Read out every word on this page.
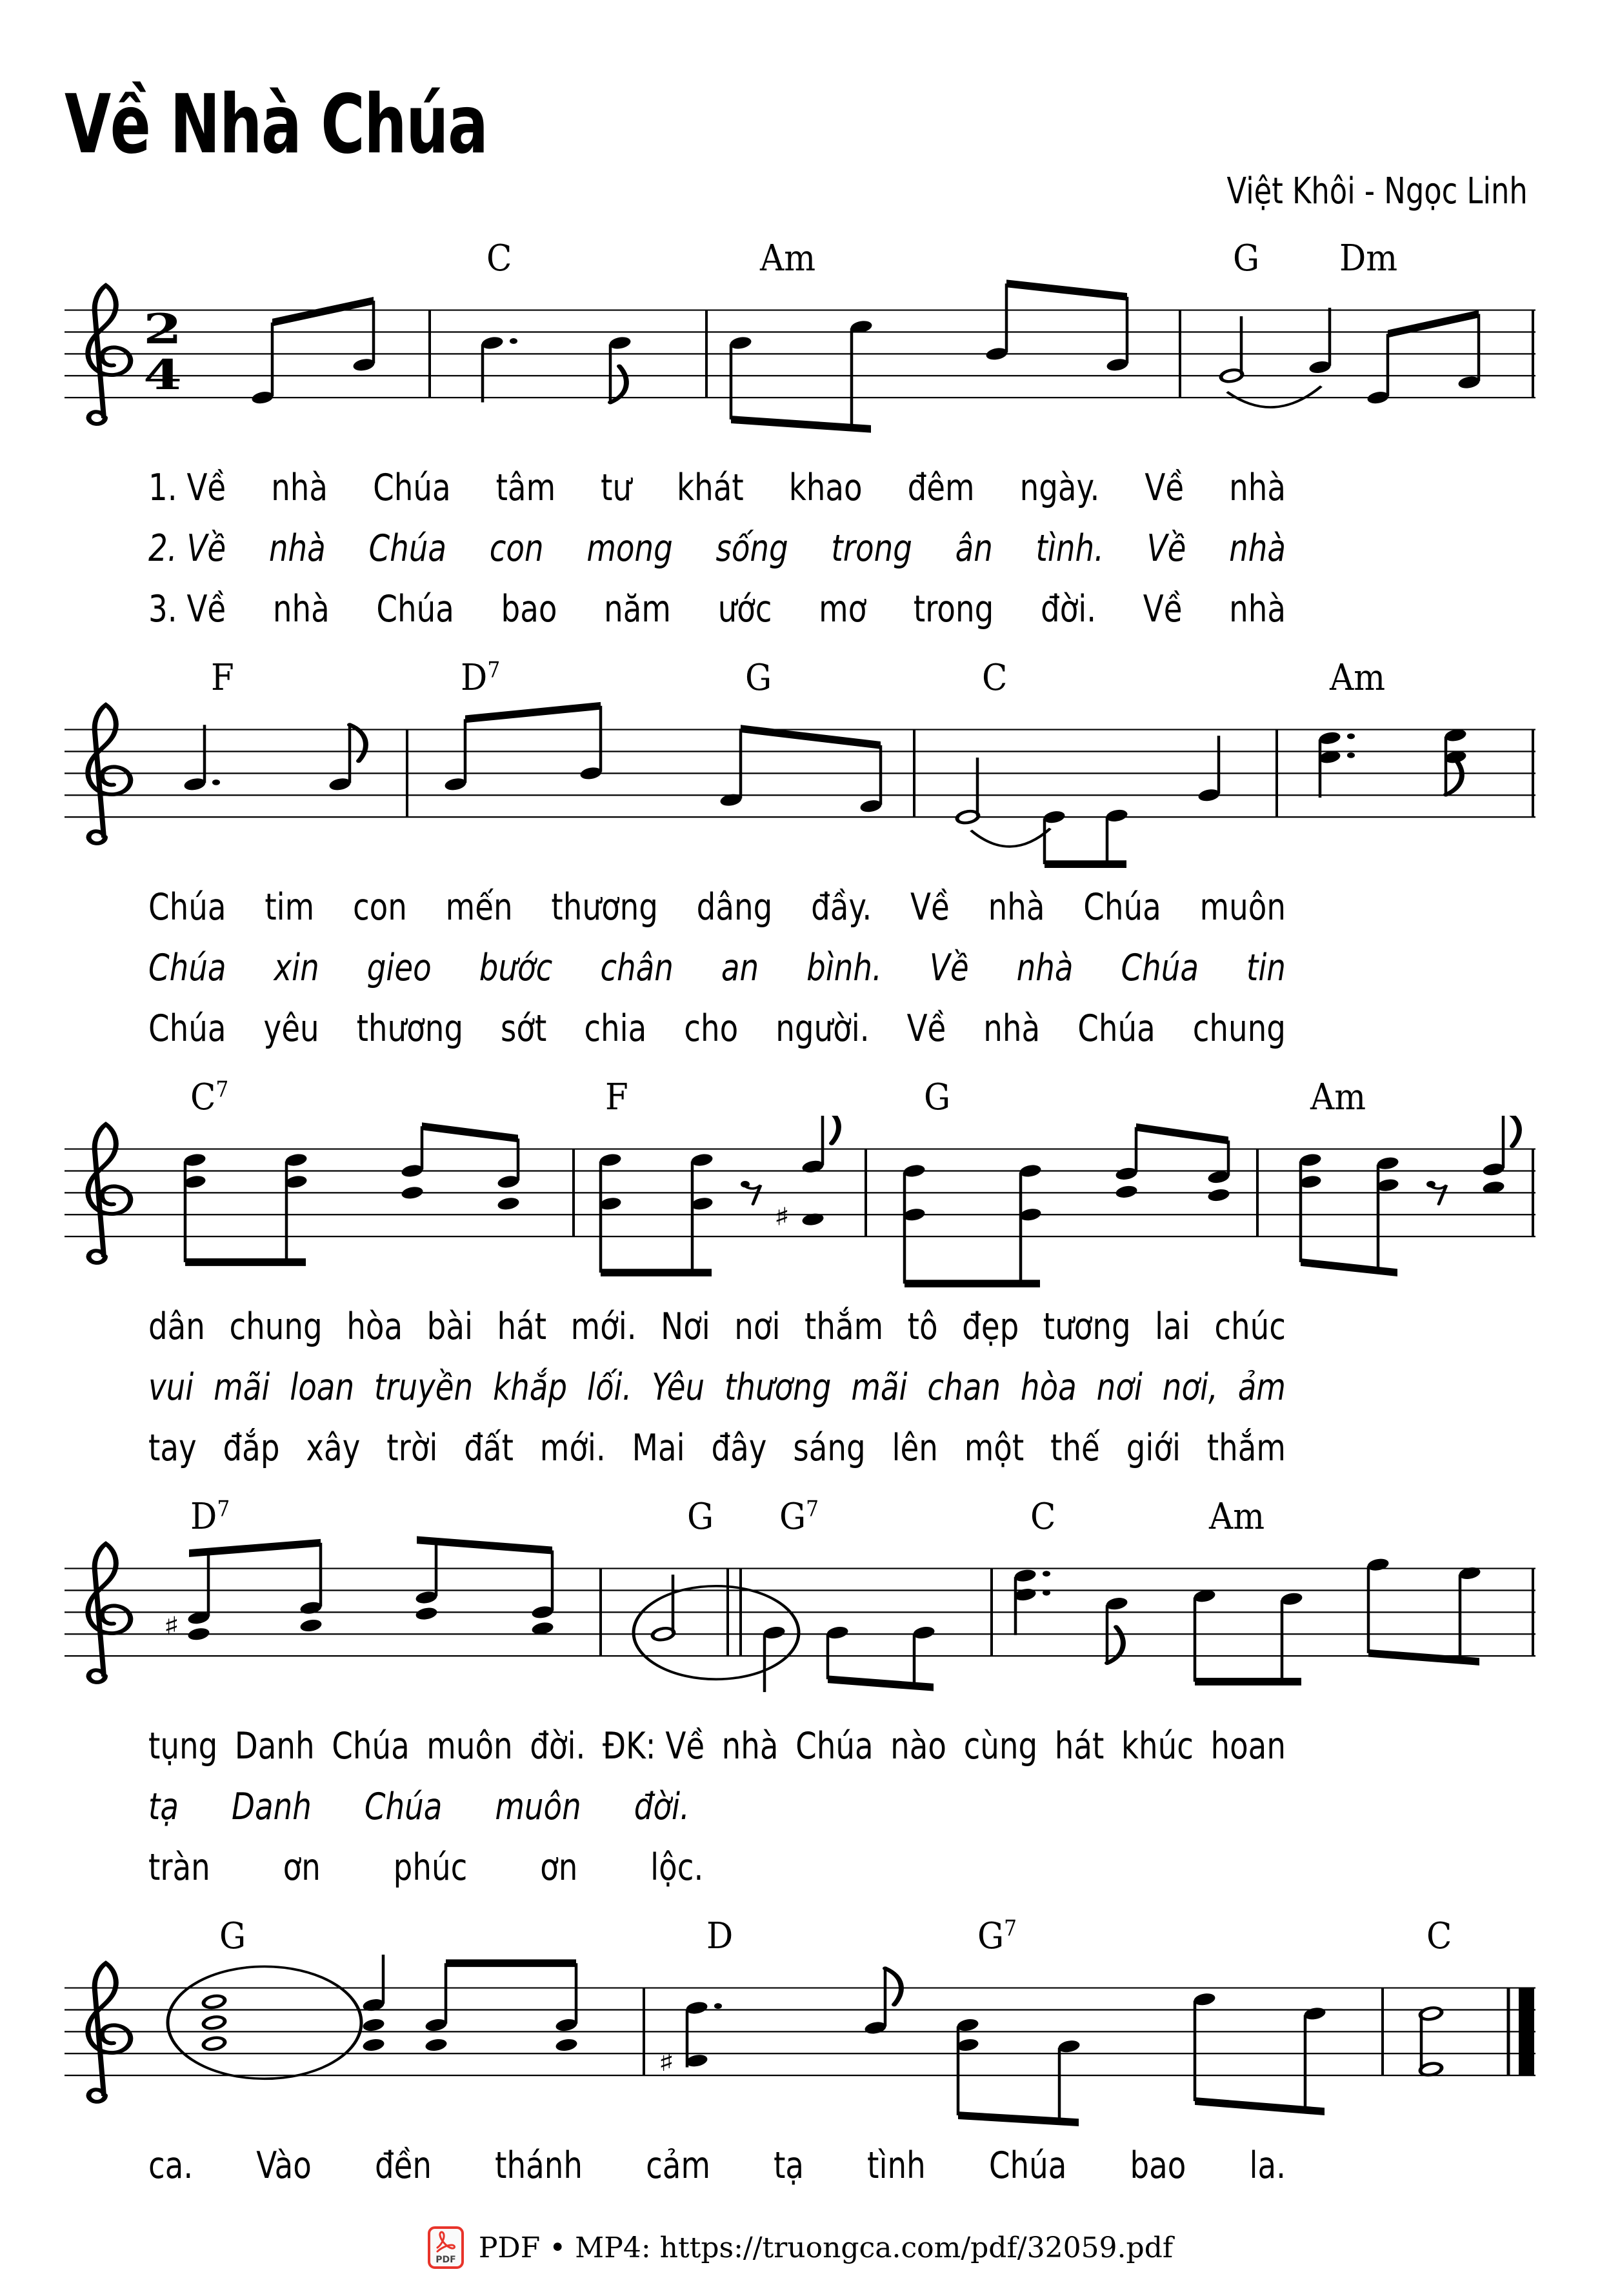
Về Nhà Chúa
Việt Khôi - Ngọc Linh
C	Am	G Dm
2
4
1. Về nhà Chúa tâm tư khát khao đêm ngày. Về nhà
2. Về nhà Chúa con mong sống trong ân tình. Về nhà
3. Về nhà Chúa bao năm ước mơ trong đời. Về nhà
F	$D^7$	G	C	Am
Chúa tim con mến thương dâng đầy. Về nhà Chúa muôn
Chúa xin gieo bước chân an bình. Về nhà Chúa tin
Chúa yêu thương sớt chia cho người. Về nhà Chúa chung
$C^7$	F	G	Am
♯
dân chung hòa bài hát mới. Nơi nơi thắm tô đẹp tương lai chúc
vui mãi loan truyền khắp lối. Yêu thương mãi chan hòa nơi nơi, ảm
tay đắp xây trời đất mới. Mai đây sáng lên một thế giới thắm
$D^7$	G $G^7$	C	Am
♯
tụng Danh Chúa muôn đời. ĐK: Về nhà Chúa nào cùng hát khúc hoan
tạ Danh Chúa muôn đời.
tràn ơn phúc ơn lộc.
G	D	$G^7$	C
♯
ca. Vào đền thánh cảm tạ tình Chúa bao la.
PDF PDF • MP4: https://truongca.com/pdf/32059.pdf
